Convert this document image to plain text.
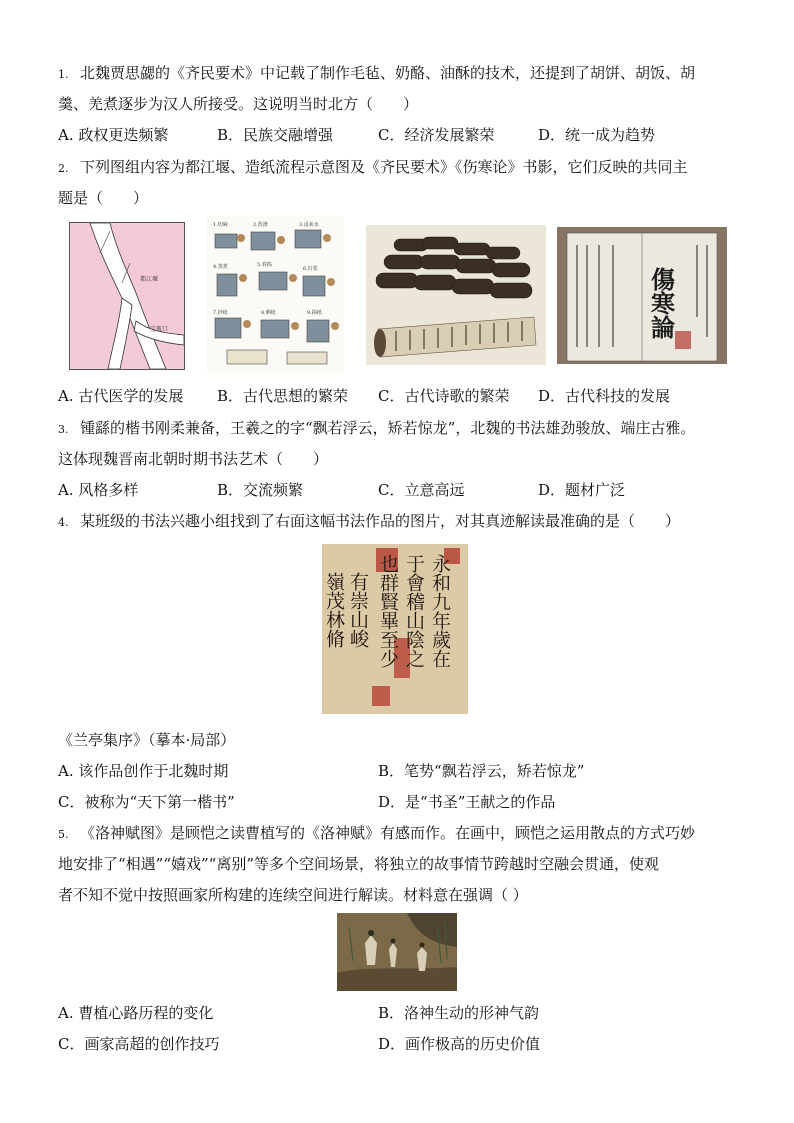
1. 北魏贾思勰的《齐民要术》中记载了制作毛毡、奶酪、油酥的技术，还提到了胡饼、胡饭、胡
羹、羌煮逐步为汉人所接受。这说明当时北方（　　）
A. 政权更迭频繁	B．民族交融增强	C．经济发展繁荣	D．统一成为趋势
2. 下列图组内容为都江堰、造纸流程示意图及《齐民要术》《伤寒论》书影，它们反映的共同主
题是（　　）
都江堰
宝瓶口
1.切麻	2.洗涤	3.浸灰水
4.蒸煮	5.舂捣
6.打浆
7.抄纸	8.晒纸	9.揭纸	傷寒論
A. 古代医学的发展 B．古代思想的繁荣 C．古代诗歌的繁荣 D．古代科技的发展
3. 锺繇的楷书刚柔兼备，王羲之的字“飘若浮云，矫若惊龙”，北魏的书法雄劲骏放、端庄古雅。
这体现魏晋南北朝时期书法艺术（　　）
A. 风格多样	B．交流频繁	C．立意高远	D．题材广泛
4. 某班级的书法兴趣小组找到了右面这幅书法作品的图片，对其真迹解读最准确的是（　　）
永和九年歲在
于會稽山陰之
也群賢畢至少
有崇山峻
嶺茂林脩
《兰亭集序》（摹本·局部）
A. 该作品创作于北魏时期	B．笔势“飘若浮云，矫若惊龙”
C．被称为“天下第一楷书”	D．是“书圣”王献之的作品
5. 《洛神赋图》是顾恺之读曹植写的《洛神赋》有感而作。在画中，顾恺之运用散点的方式巧妙
地安排了“相遇”“嬉戏”“离别”等多个空间场景，将独立的故事情节跨越时空融会贯通，使观
者不知不觉中按照画家所构建的连续空间进行解读。材料意在强调（ ）
A. 曹植心路历程的变化	B．洛神生动的形神气韵
C．画家高超的创作技巧	D．画作极高的历史价值
